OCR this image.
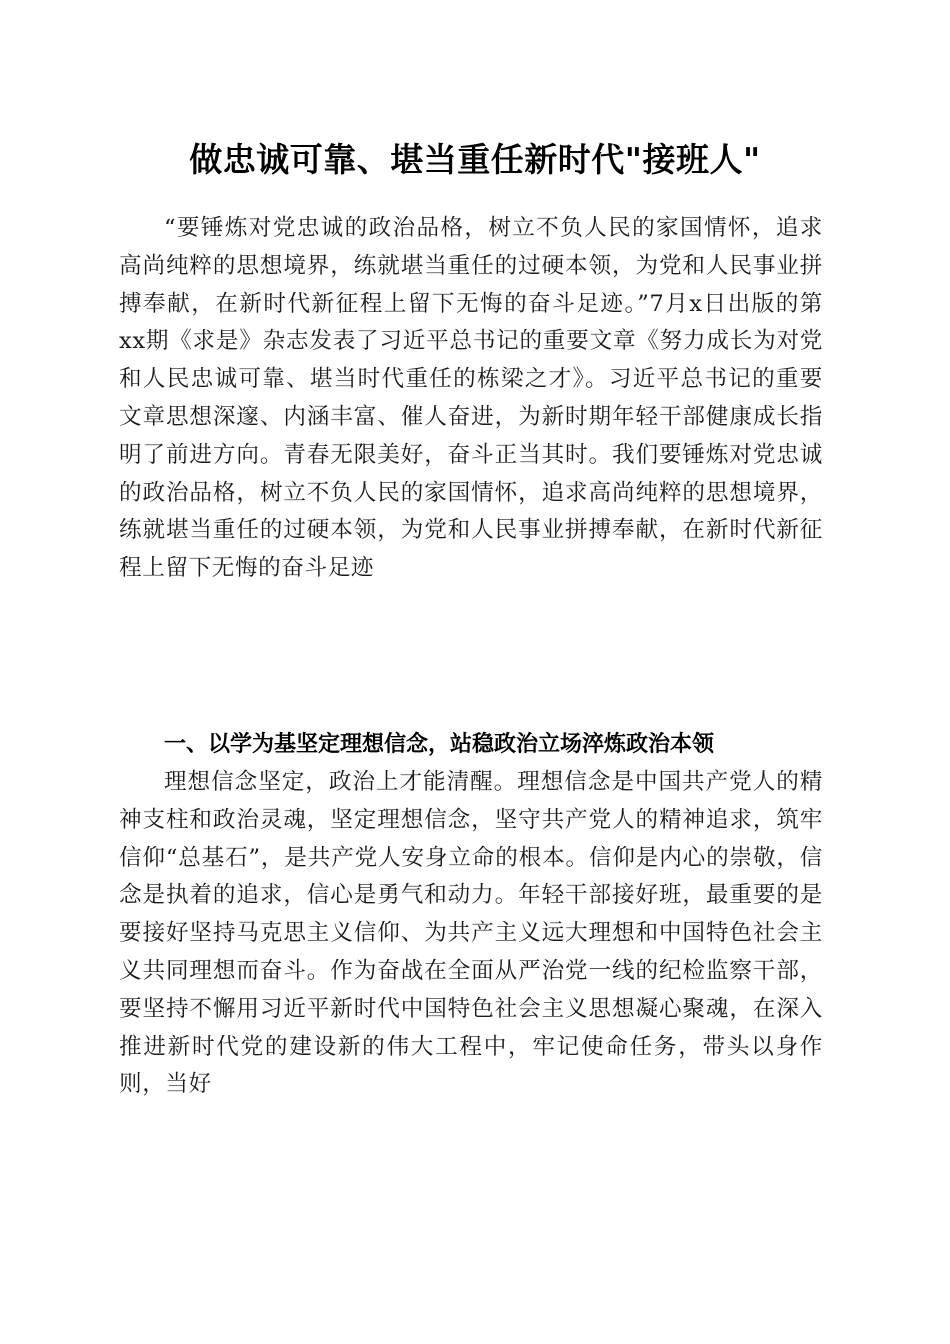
做忠诚可靠、堪当重任新时代"接班人"

“要锤炼对党忠诚的政治品格，树立不负人民的家国情怀，追求高尚纯粹的思想境界，练就堪当重任的过硬本领，为党和人民事业拼搏奉献，在新时代新征程上留下无悔的奋斗足迹。”7月x日出版的第xx期《求是》杂志发表了习近平总书记的重要文章《努力成长为对党和人民忠诚可靠、堪当时代重任的栋梁之才》。习近平总书记的重要文章思想深邃、内涵丰富、催人奋进，为新时期年轻干部健康成长指明了前进方向。青春无限美好，奋斗正当其时。我们要锤炼对党忠诚的政治品格，树立不负人民的家国情怀，追求高尚纯粹的思想境界，练就堪当重任的过硬本领，为党和人民事业拼搏奉献，在新时代新征程上留下无悔的奋斗足迹

一、以学为基坚定理想信念，站稳政治立场淬炼政治本领

理想信念坚定，政治上才能清醒。理想信念是中国共产党人的精神支柱和政治灵魂，坚定理想信念，坚守共产党人的精神追求，筑牢信仰“总基石”，是共产党人安身立命的根本。信仰是内心的崇敬，信念是执着的追求，信心是勇气和动力。年轻干部接好班，最重要的是要接好坚持马克思主义信仰、为共产主义远大理想和中国特色社会主义共同理想而奋斗。作为奋战在全面从严治党一线的纪检监察干部，要坚持不懈用习近平新时代中国特色社会主义思想凝心聚魂，在深入推进新时代党的建设新的伟大工程中，牢记使命任务，带头以身作则，当好
